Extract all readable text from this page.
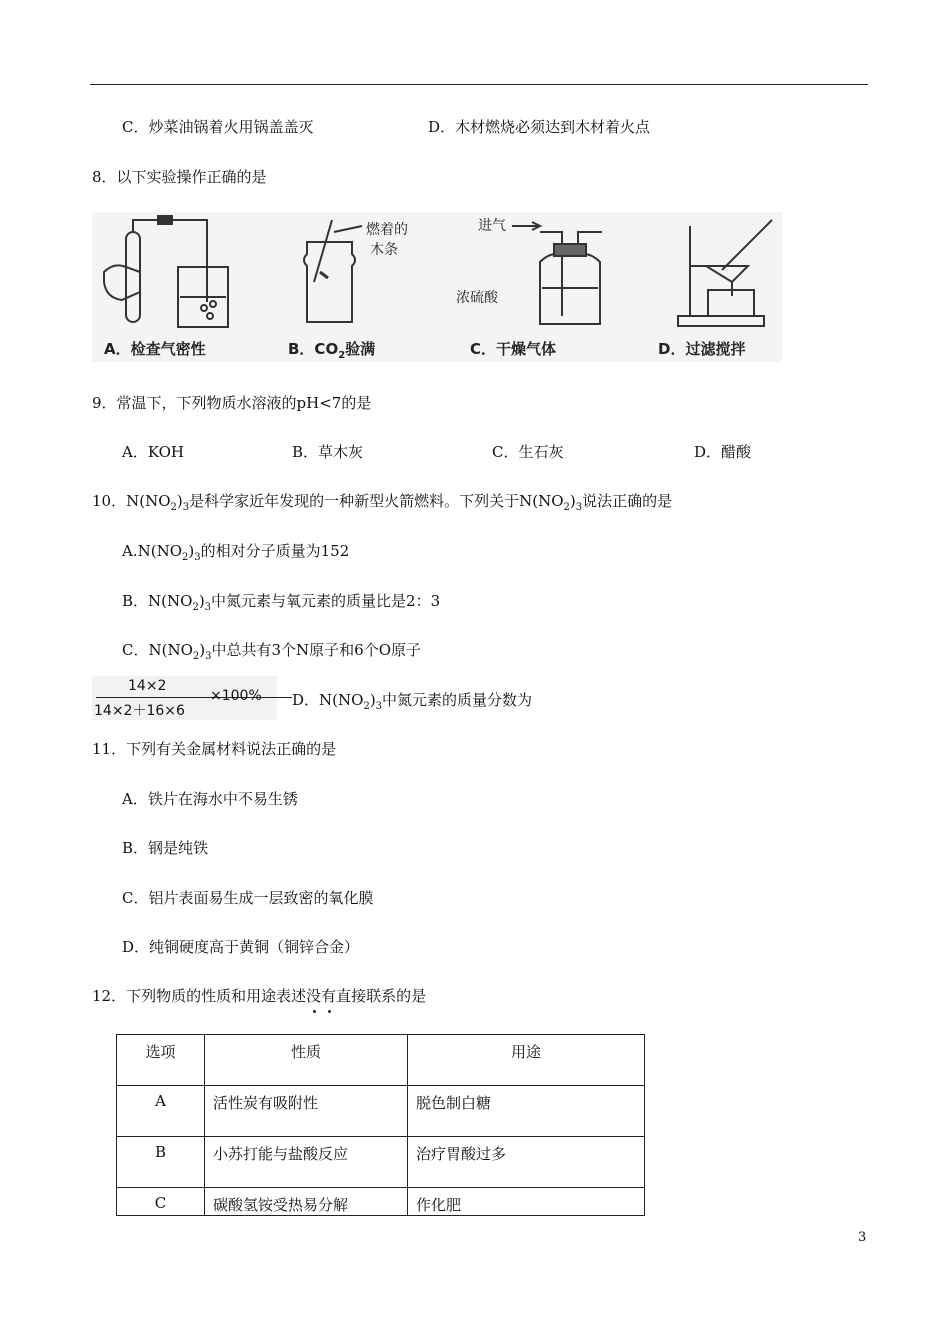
C．炒菜油锅着火用锅盖盖灭	D．木材燃烧必须达到木材着火点
8．以下实验操作正确的是
A．检查气密性
燃着的
木条
B．$CO_2$验满
进气
浓硫酸
C．干燥气体	D．过滤搅拌
9．常温下，下列物质水溶液的pH<7的是
A．KOH	B．草木灰	C．生石灰	D．醋酸
10．$N(NO_2)_3$是科学家近年发现的一种新型火箭燃料。下列关于$N(NO_2)_3$说法正确的是
$A.N(NO_2)_3$的相对分子质量为152
B．$N(NO_2)_3$中氮元素与氧元素的质量比是2：3
C．$N(NO_2)_3$中总共有3个N原子和6个O原子
14×2
14×2＋16×6
×100% D．$N(NO_2)_3$中氮元素的质量分数为
11．下列有关金属材料说法正确的是
A．铁片在海水中不易生锈
B．钢是纯铁
C．铝片表面易生成一层致密的氧化膜
D．纯铜硬度高于黄铜（铜锌合金）
12．下列物质的性质和用途表述没有直接联系的是
选项	性质	用途
A	活性炭有吸附性	脱色制白糖
B	小苏打能与盐酸反应	治疗胃酸过多
C	碳酸氢铵受热易分解	作化肥
3
